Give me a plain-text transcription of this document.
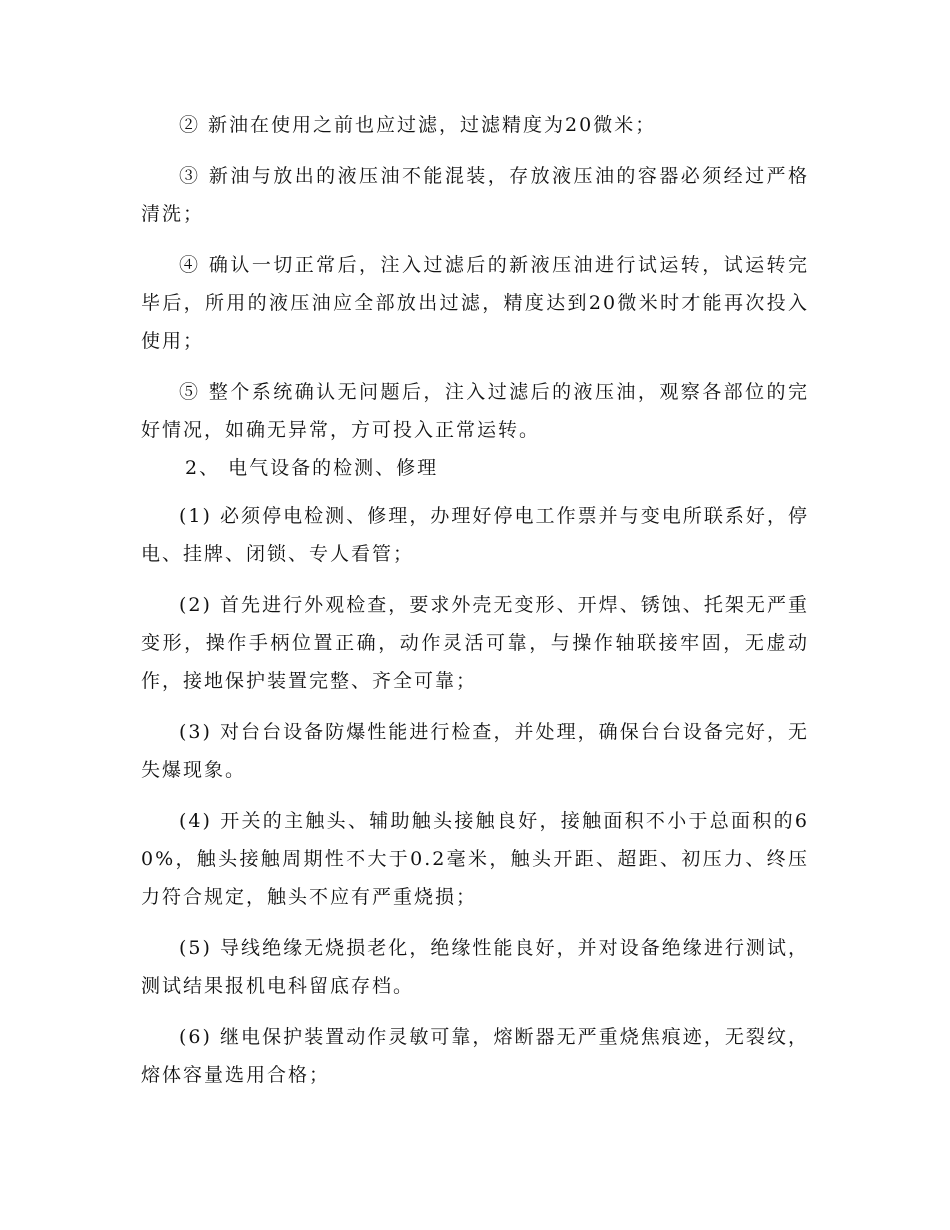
② 新油在使用之前也应过滤，过滤精度为20微米；

③ 新油与放出的液压油不能混装，存放液压油的容器必须经过严格清洗；

④ 确认一切正常后，注入过滤后的新液压油进行试运转，试运转完毕后，所用的液压油应全部放出过滤，精度达到20微米时才能再次投入使用；

⑤ 整个系统确认无问题后，注入过滤后的液压油，观察各部位的完好情况，如确无异常，方可投入正常运转。

2、 电气设备的检测、修理

(1) 必须停电检测、修理，办理好停电工作票并与变电所联系好，停电、挂牌、闭锁、专人看管；

(2) 首先进行外观检查，要求外壳无变形、开焊、锈蚀、托架无严重变形，操作手柄位置正确，动作灵活可靠，与操作轴联接牢固，无虚动作，接地保护装置完整、齐全可靠；

(3) 对台台设备防爆性能进行检查，并处理，确保台台设备完好，无失爆现象。

(4) 开关的主触头、辅助触头接触良好，接触面积不小于总面积的60%，触头接触周期性不大于0.2毫米，触头开距、超距、初压力、终压力符合规定，触头不应有严重烧损；

(5) 导线绝缘无烧损老化，绝缘性能良好，并对设备绝缘进行测试，测试结果报机电科留底存档。

(6) 继电保护装置动作灵敏可靠，熔断器无严重烧焦痕迹，无裂纹，熔体容量选用合格；
